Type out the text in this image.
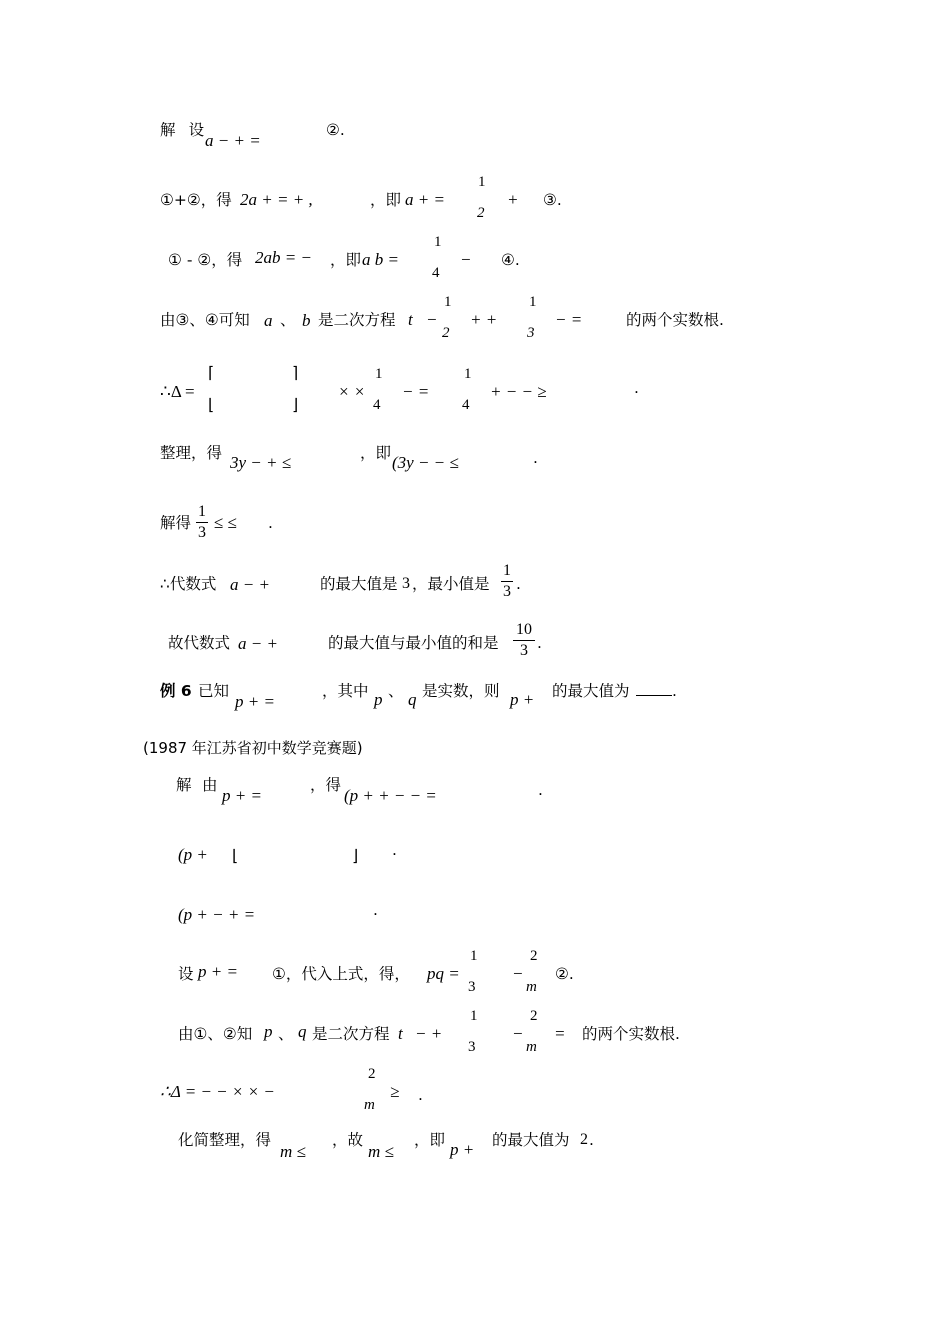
解 设
a − + =
②.
①+②，得 2a + = + ,	，即 a + =
1
2
+ ③.
① - ②，得 2ab = − ，即 a b =
1
4
− ④.
由③、④可知 a 、 b 是二次方程 t −
1
2
+ +
1
3
− =	的两个实数根.
∴Δ =
⌈
⌊
⌉
⌋
× ×
1
4
− =
1
4
+ − − ≥	.
整理，得 3y − + ≤	，即 (3y − − ≤	.
解得
1
3
≤ ≤ .
∴代数式 a − +	的最大值是 3 ，最小值是
1
3 .
故代数式 a − +	的最大值与最小值的和是
10
3 .
例 6 已知
p + =
，其中 p 、 q 是实数，则 p + 的最大值为	.
(1987 年江苏省初中数学竞赛题)
解 由
p + =
，得
(p + + − − =	.
(p + ⌊	⌋ .
(p + − + =	.
设 p + = ①，代入上式，得， pq =
1
3
−
2
m
②.
由①、②知 p 、 q 是二次方程 t − +
1
3
−
2
m
= 的两个实数根.
∴Δ = − − × × −
2
m
≥ .
化简整理，得
m ≤
，故
m ≤
，即 p + 的最大值为 2 .
